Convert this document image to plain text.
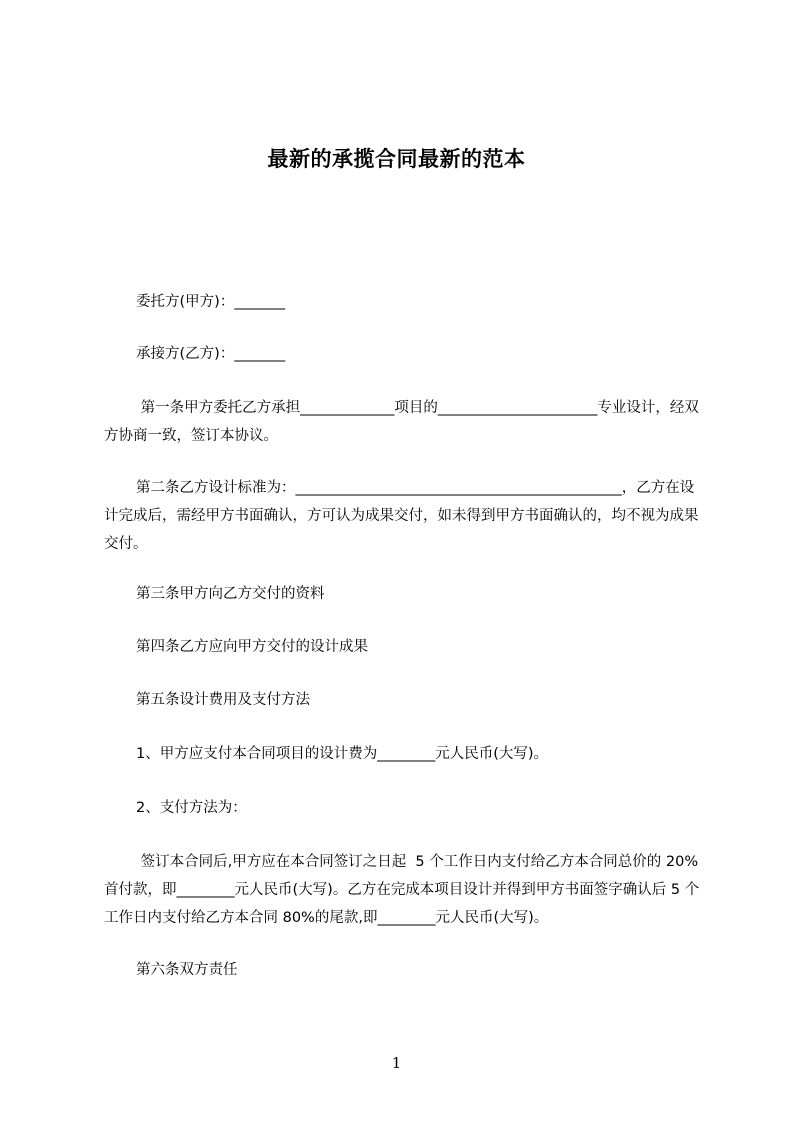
最新的承揽合同最新的范本
委托方(甲方)：_______
承接方(乙方)：_______
第一条甲方委托乙方承担_____________项目的______________________专业设计，经双方协商一致，签订本协议。
第二条乙方设计标准为：_____________________________________________，乙方在设计完成后，需经甲方书面确认，方可认为成果交付，如未得到甲方书面确认的，均不视为成果交付。
第三条甲方向乙方交付的资料
第四条乙方应向甲方交付的设计成果
第五条设计费用及支付方法
1、甲方应支付本合同项目的设计费为________元人民币(大写)。
2、支付方法为：
签订本合同后,甲方应在本合同签订之日起  5 个工作日内支付给乙方本合同总价的 20%首付款，即________元人民币(大写)。乙方在完成本项目设计并得到甲方书面签字确认后 5 个工作日内支付给乙方本合同 80%的尾款,即________元人民币(大写)。
第六条双方责任
1
